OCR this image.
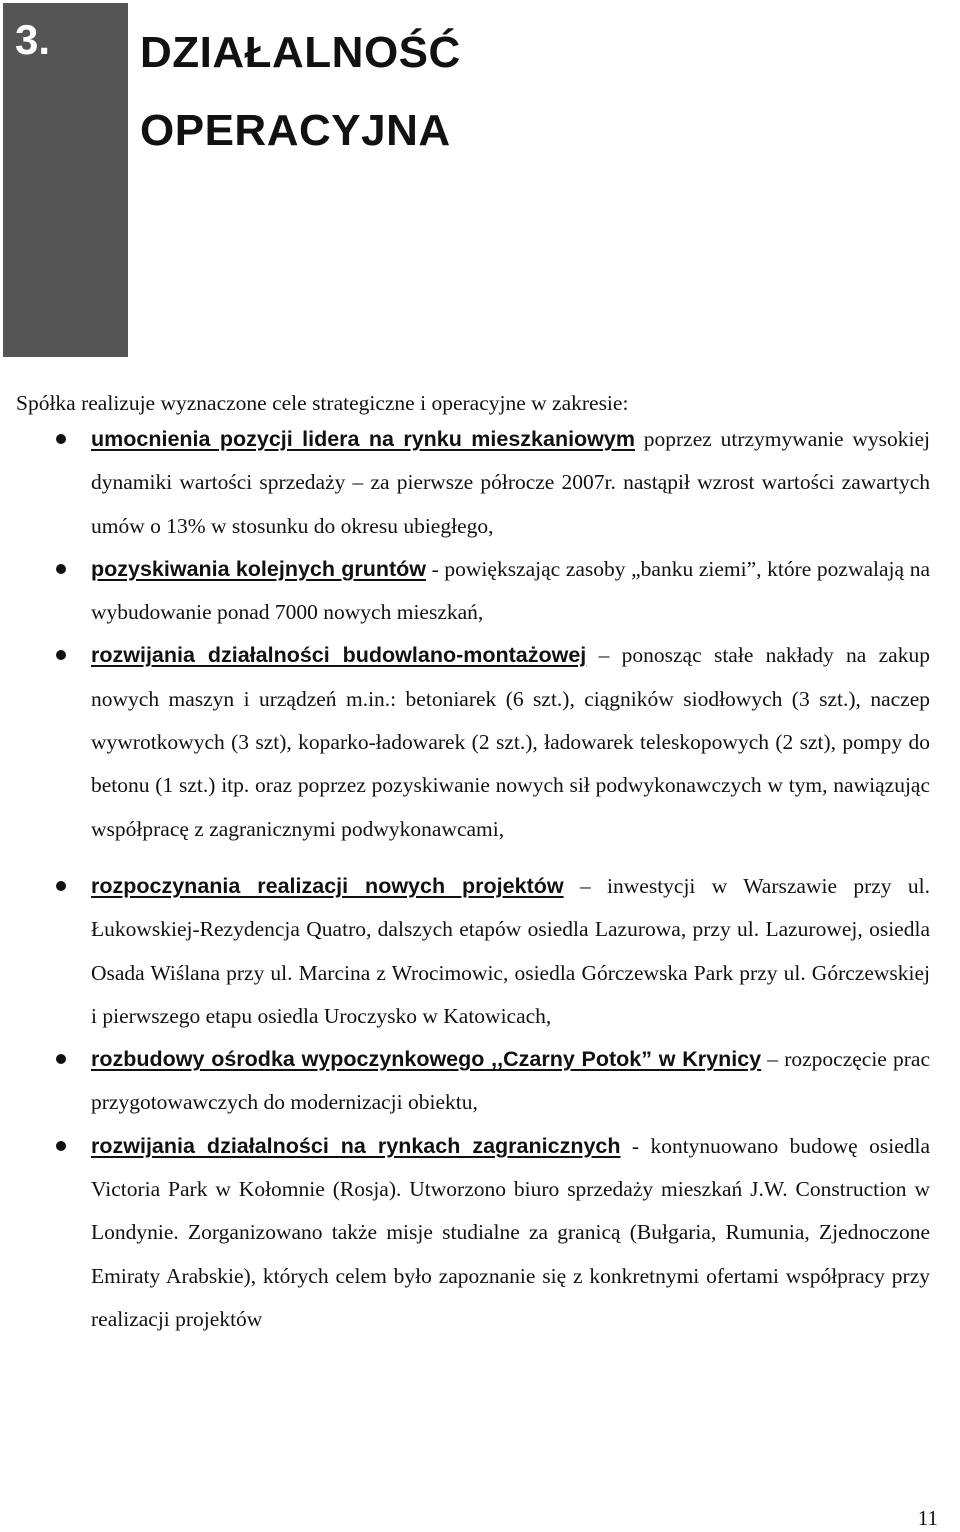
3. DZIAŁALNOŚĆ
OPERACYJNA
Spółka realizuje wyznaczone cele strategiczne i operacyjne w zakresie:
umocnienia pozycji lidera na rynku mieszkaniowym poprzez utrzymywanie wysokiej dynamiki wartości sprzedaży – za pierwsze półrocze 2007r. nastąpił wzrost wartości zawartych umów o 13% w stosunku do okresu ubiegłego,
pozyskiwania kolejnych gruntów - powiększając zasoby „banku ziemi”, które pozwalają na wybudowanie ponad 7000 nowych mieszkań,
rozwijania działalności budowlano-montażowej – ponosząc stałe nakłady na zakup nowych maszyn i urządzeń m.in.: betoniarek (6 szt.), ciągników siodłowych (3 szt.), naczep wywrotkowych (3 szt), koparko-ładowarek (2 szt.), ładowarek teleskopowych (2 szt), pompy do betonu (1 szt.) itp. oraz poprzez pozyskiwanie nowych sił podwykonawczych w tym, nawiązując współpracę z zagranicznymi podwykonawcami,
rozpoczynania realizacji nowych projektów – inwestycji w Warszawie przy ul. Łukowskiej-Rezydencja Quatro, dalszych etapów osiedla Lazurowa, przy ul. Lazurowej, osiedla Osada Wiślana przy ul. Marcina z Wrocimowic, osiedla Górczewska Park przy ul. Górczewskiej i pierwszego etapu osiedla Uroczysko w Katowicach,
rozbudowy ośrodka wypoczynkowego ,,Czarny Potok” w Krynicy – rozpoczęcie prac przygotowawczych do modernizacji obiektu,
rozwijania działalności na rynkach zagranicznych - kontynuowano budowę osiedla Victoria Park w Kołomnie (Rosja). Utworzono biuro sprzedaży mieszkań J.W. Construction w Londynie. Zorganizowano także misje studialne za granicą (Bułgaria, Rumunia, Zjednoczone Emiraty Arabskie), których celem było zapoznanie się z konkretnymi ofertami współpracy przy realizacji projektów
11
